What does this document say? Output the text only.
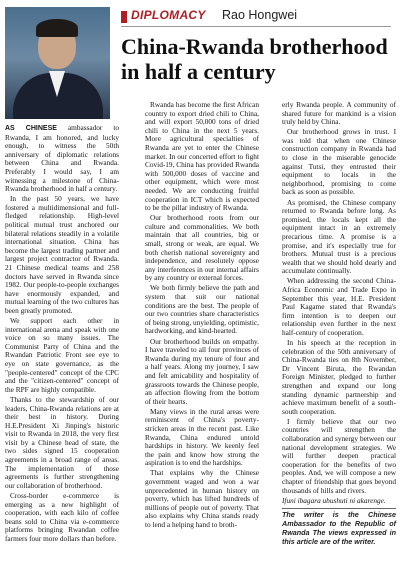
DIPLOMACY Rao Hongwei
China-Rwanda brotherhood in half a century

AS CHINESE ambassador to Rwanda, I am honored, and lucky enough, to witness the 50th anniversary of diplomatic relations between China and Rwanda. Preferably I would say, I am witnessing a milestone of China-Rwanda brotherhood in half a century.

In the past 50 years, we have fostered a multidimensional and full-fledged relationship. High-level political mutual trust anchored our bilateral relations steadily in a volatile international situation. China has become the largest trading partner and largest project contractor of Rwanda. 21 Chinese medical teams and 258 doctors have served in Rwanda since 1982. Our people-to-people exchanges have enormously expanded, and mutual learning of the two cultures has been greatly promoted.

We support each other in international arena and speak with one voice on so many issues. The Communist Party of China and the Rwandan Patriotic Front see eye to eye on state governance, as the "people-centered" concept of the CPC and the "citizen-centered" concept of the RPF are highly compatible.

Thanks to the stewardship of our leaders, China-Rwanda relations are at their best in history. During H.E.President Xi Jinping's historic visit to Rwanda in 2018, the very first visit by a Chinese head of state, the two sides signed 15 cooperation agreements in a broad range of areas. The implementation of those agreements is further strengthening our collaboration of brotherhood.

Cross-border e-commerce is emerging as a new highlight of cooperation, with each kilo of coffee beans sold to China via e-commerce platforms bringing Rwandan coffee farmers four more dollars than before.

Rwanda has become the first African country to export dried chili to China, and will export 50,000 tons of dried chili to China in the next 5 years. More agricultural specialties of Rwanda are yet to enter the Chinese market. In our concerted effort to fight Covid-19, China has provided Rwanda with 500,000 doses of vaccine and other equipment, which were most needed. We are conducting fruitful cooperation in ICT which is expected to be the pillar industry of Rwanda.

Our brotherhood roots from our culture and commonalities. We both maintain that all countries, big or small, strong or weak, are equal. We both cherish national sovereignty and independence, and resolutely oppose any interferences in our internal affairs by any country or external forces.

We both firmly believe the path and system that suit our national conditions are the best. The people of our two countries share characteristics of being strong, unyielding, optimistic, hardworking, and kind-hearted.

Our brotherhood builds on empathy. I have traveled to all four provinces of Rwanda during my tenure of four and a half years. Along my journey, I saw and felt amicability and hospitality of grassroots towards the Chinese people, an affection flowing from the bottom of their hearts.

Many views in the rural areas were reminiscent of China's poverty-stricken areas in the recent past. Like Rwanda, China endured untold hardships in history. We keenly feel the pain and know how strong the aspiration is to end the hardships.

That explains why the Chinese government waged and won a war unprecedented in human history on poverty, which has lifted hundreds of millions of people out of poverty. That also explains why China stands ready to lend a helping hand to broth-

erly Rwanda people. A community of shared future for mankind is a vision truly held by China.

Our brotherhood grows in trust. I was told that when one Chinese construction company in Rwanda had to close in the miserable genocide against Tutsi, they entrusted their equipment to locals in the neighborhood, promising to come back as soon as possible.

As promised, the Chinese company returned to Rwanda before long. As promised, the locals kept all the equipment intact in an extremely precarious time. A promise is a promise, and it's especially true for brothers. Mutual trust is a precious wealth that we should hold dearly and accumulate continually.

When addressing the second China-Africa Economic and Trade Expo in September this year, H.E. President Paul Kagame stated that Rwanda's firm intention is to deepen our relationship even further in the next half-century of cooperation.

In his speech at the reception in celebration of the 50th anniversary of China-Rwanda ties on 8th November, Dr Vincent Biruta, the Rwandan Foreign Minister, pledged to further strengthen and expand our long standing dynamic partnership and achieve maximum benefit of a south-south cooperation.

I firmly believe that our two countries will strengthen the collaboration and synergy between our national development strategies. We will further deepen practical cooperation for the benefits of two peoples. And, we will compose a new chapter of friendship that goes beyond thousands of hills and rivers.

Ifuni ibagara ubushuti ni akarenge.

The writer is the Chinese Ambassador to the Republic of Rwanda The views expressed in this article are of the writer.
